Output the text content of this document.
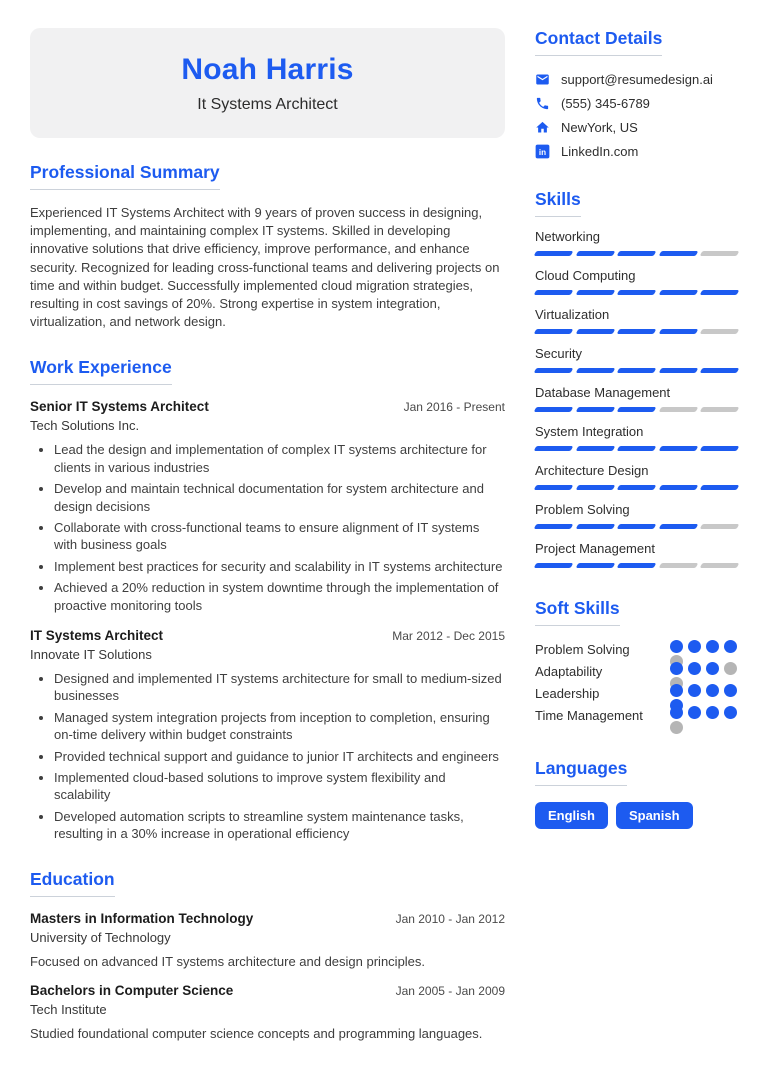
Noah Harris
It Systems Architect
Professional Summary

Experienced IT Systems Architect with 9 years of proven success in designing, implementing, and maintaining complex IT systems. Skilled in developing innovative solutions that drive efficiency, improve performance, and enhance security. Recognized for leading cross-functional teams and delivering projects on time and within budget. Successfully implemented cloud migration strategies, resulting in cost savings of 20%. Strong expertise in system integration, virtualization, and network design.

Work Experience
Senior IT Systems Architect	Jan 2016 - Present
Tech Solutions Inc.
• Lead the design and implementation of complex IT systems architecture for clients in various industries
• Develop and maintain technical documentation for system architecture and design decisions
• Collaborate with cross-functional teams to ensure alignment of IT systems with business goals
• Implement best practices for security and scalability in IT systems architecture
• Achieved a 20% reduction in system downtime through the implementation of proactive monitoring tools
IT Systems Architect	Mar 2012 - Dec 2015
Innovate IT Solutions
• Designed and implemented IT systems architecture for small to medium-sized businesses
• Managed system integration projects from inception to completion, ensuring on-time delivery within budget constraints
• Provided technical support and guidance to junior IT architects and engineers
• Implemented cloud-based solutions to improve system flexibility and scalability
• Developed automation scripts to streamline system maintenance tasks, resulting in a 30% increase in operational efficiency
Education
Masters in Information Technology	Jan 2010 - Jan 2012
University of Technology

Focused on advanced IT systems architecture and design principles.

Bachelors in Computer Science	Jan 2005 - Jan 2009
Tech Institute

Studied foundational computer science concepts and programming languages.

Contact Details
support@resumedesign.ai
(555) 345-6789
NewYork, US
in LinkedIn.com
Skills
Networking
Cloud Computing
Virtualization
Security
Database Management
System Integration
Architecture Design
Problem Solving
Project Management
Soft Skills
Problem Solving
Adaptability
Leadership
Time Management
Languages
English	Spanish
